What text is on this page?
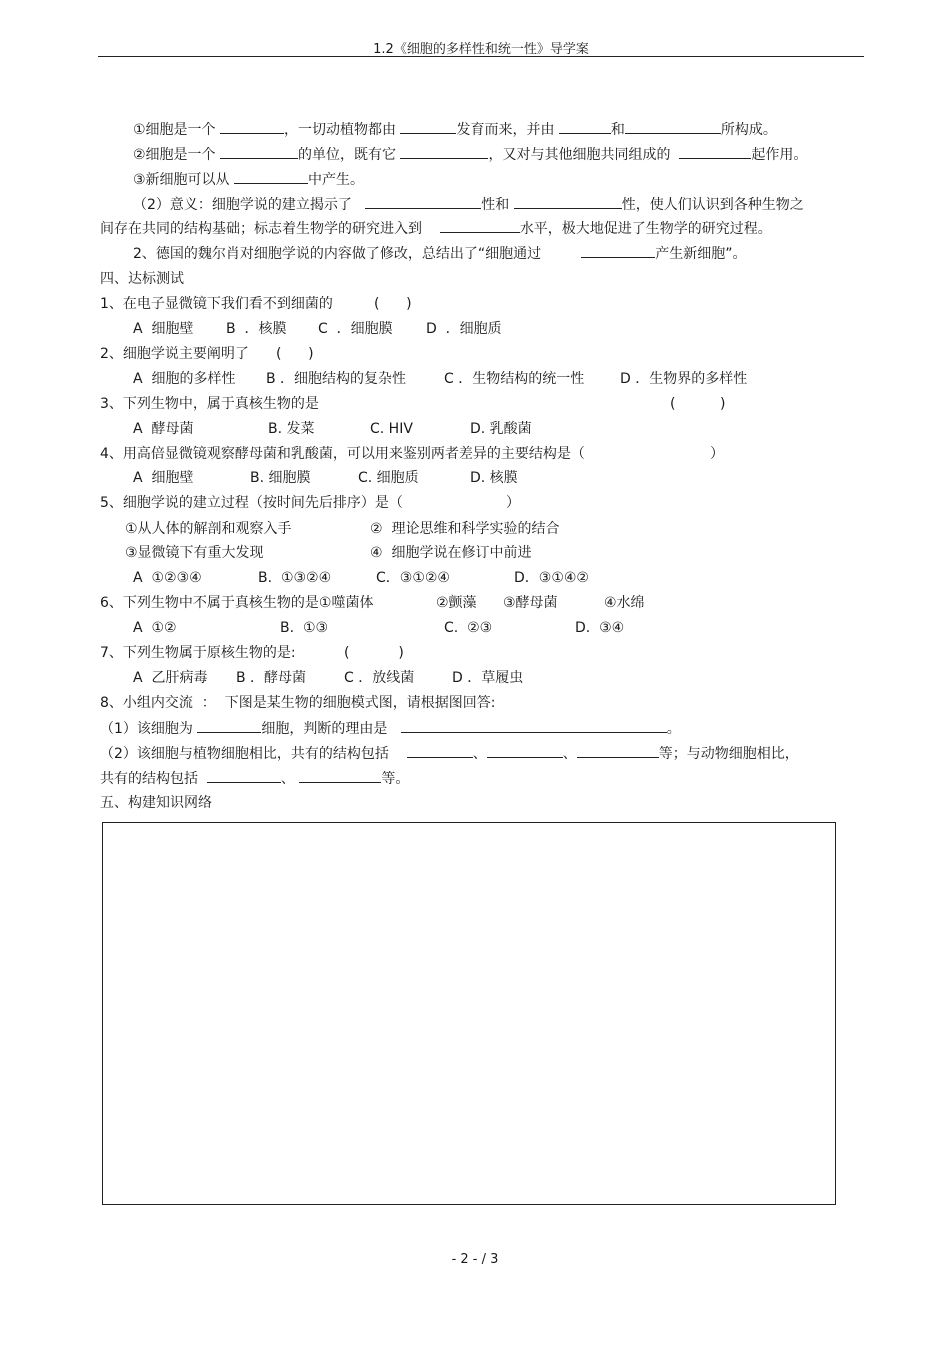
1.2《细胞的多样性和统一性》导学案
①细胞是一个	，一切动植物都由	发育而来，并由	和	所构成。
②细胞是一个	的单位，既有它	，又对与其他细胞共同组成的	起作用。
③新细胞可以从	中产生。
（2）意义：细胞学说的建立揭示了	性和	性，使人们认识到各种生物之
间存在共同的结构基础；标志着生物学的研究进入到	水平，极大地促进了生物学的研究过程。
2、德国的魏尔肖对细胞学说的内容做了修改，总结出了“细胞通过	产生新细胞”。
四、达标测试
1、在电子显微镜下我们看不到细菌的	(      )
A  细胞壁 B  ．核膜 C  ．细胞膜 D  ．细胞质
2、细胞学说主要阐明了 (      )
A  细胞的多样性 B ．细胞结构的复杂性	C ．生物结构的统一性	D ．生物界的多样性
3、下列生物中，属于真核生物的是	(          )
A  酵母菌	B. 发菜	C. HIV	D. 乳酸菌
4、用高倍显微镜观察酵母菌和乳酸菌，可以用来鉴别两者差异的主要结构是（	）
A  细胞壁	B. 细胞膜	C. 细胞质	D. 核膜
5、细胞学说的建立过程（按时间先后排序）是（	）
①从人体的解剖和观察入手	②  理论思维和科学实验的结合
③显微镜下有重大发现	④  细胞学说在修订中前进
A  ①②③④	B.  ①③②④	C．③①②④	D．③①④②
6、下列生物中不属于真核生物的是①噬菌体	②颤藻 ③酵母菌	④水绵
A  ①②	B.  ①③	C.  ②③	D.  ③④
7、下列生物属于原核生物的是:	(           )
A  乙肝病毒 B ．酵母菌	C ．放线菌	D ．草履虫
8、小组内交流  ：  下图是某生物的细胞模式图，请根据图回答:
（1）该细胞为	细胞，判断的理由是	。
（2）该细胞与植物细胞相比，共有的结构包括	、	、	等；与动物细胞相比，
共有的结构包括	、	等。
五、构建知识网络
- 2 - / 3
